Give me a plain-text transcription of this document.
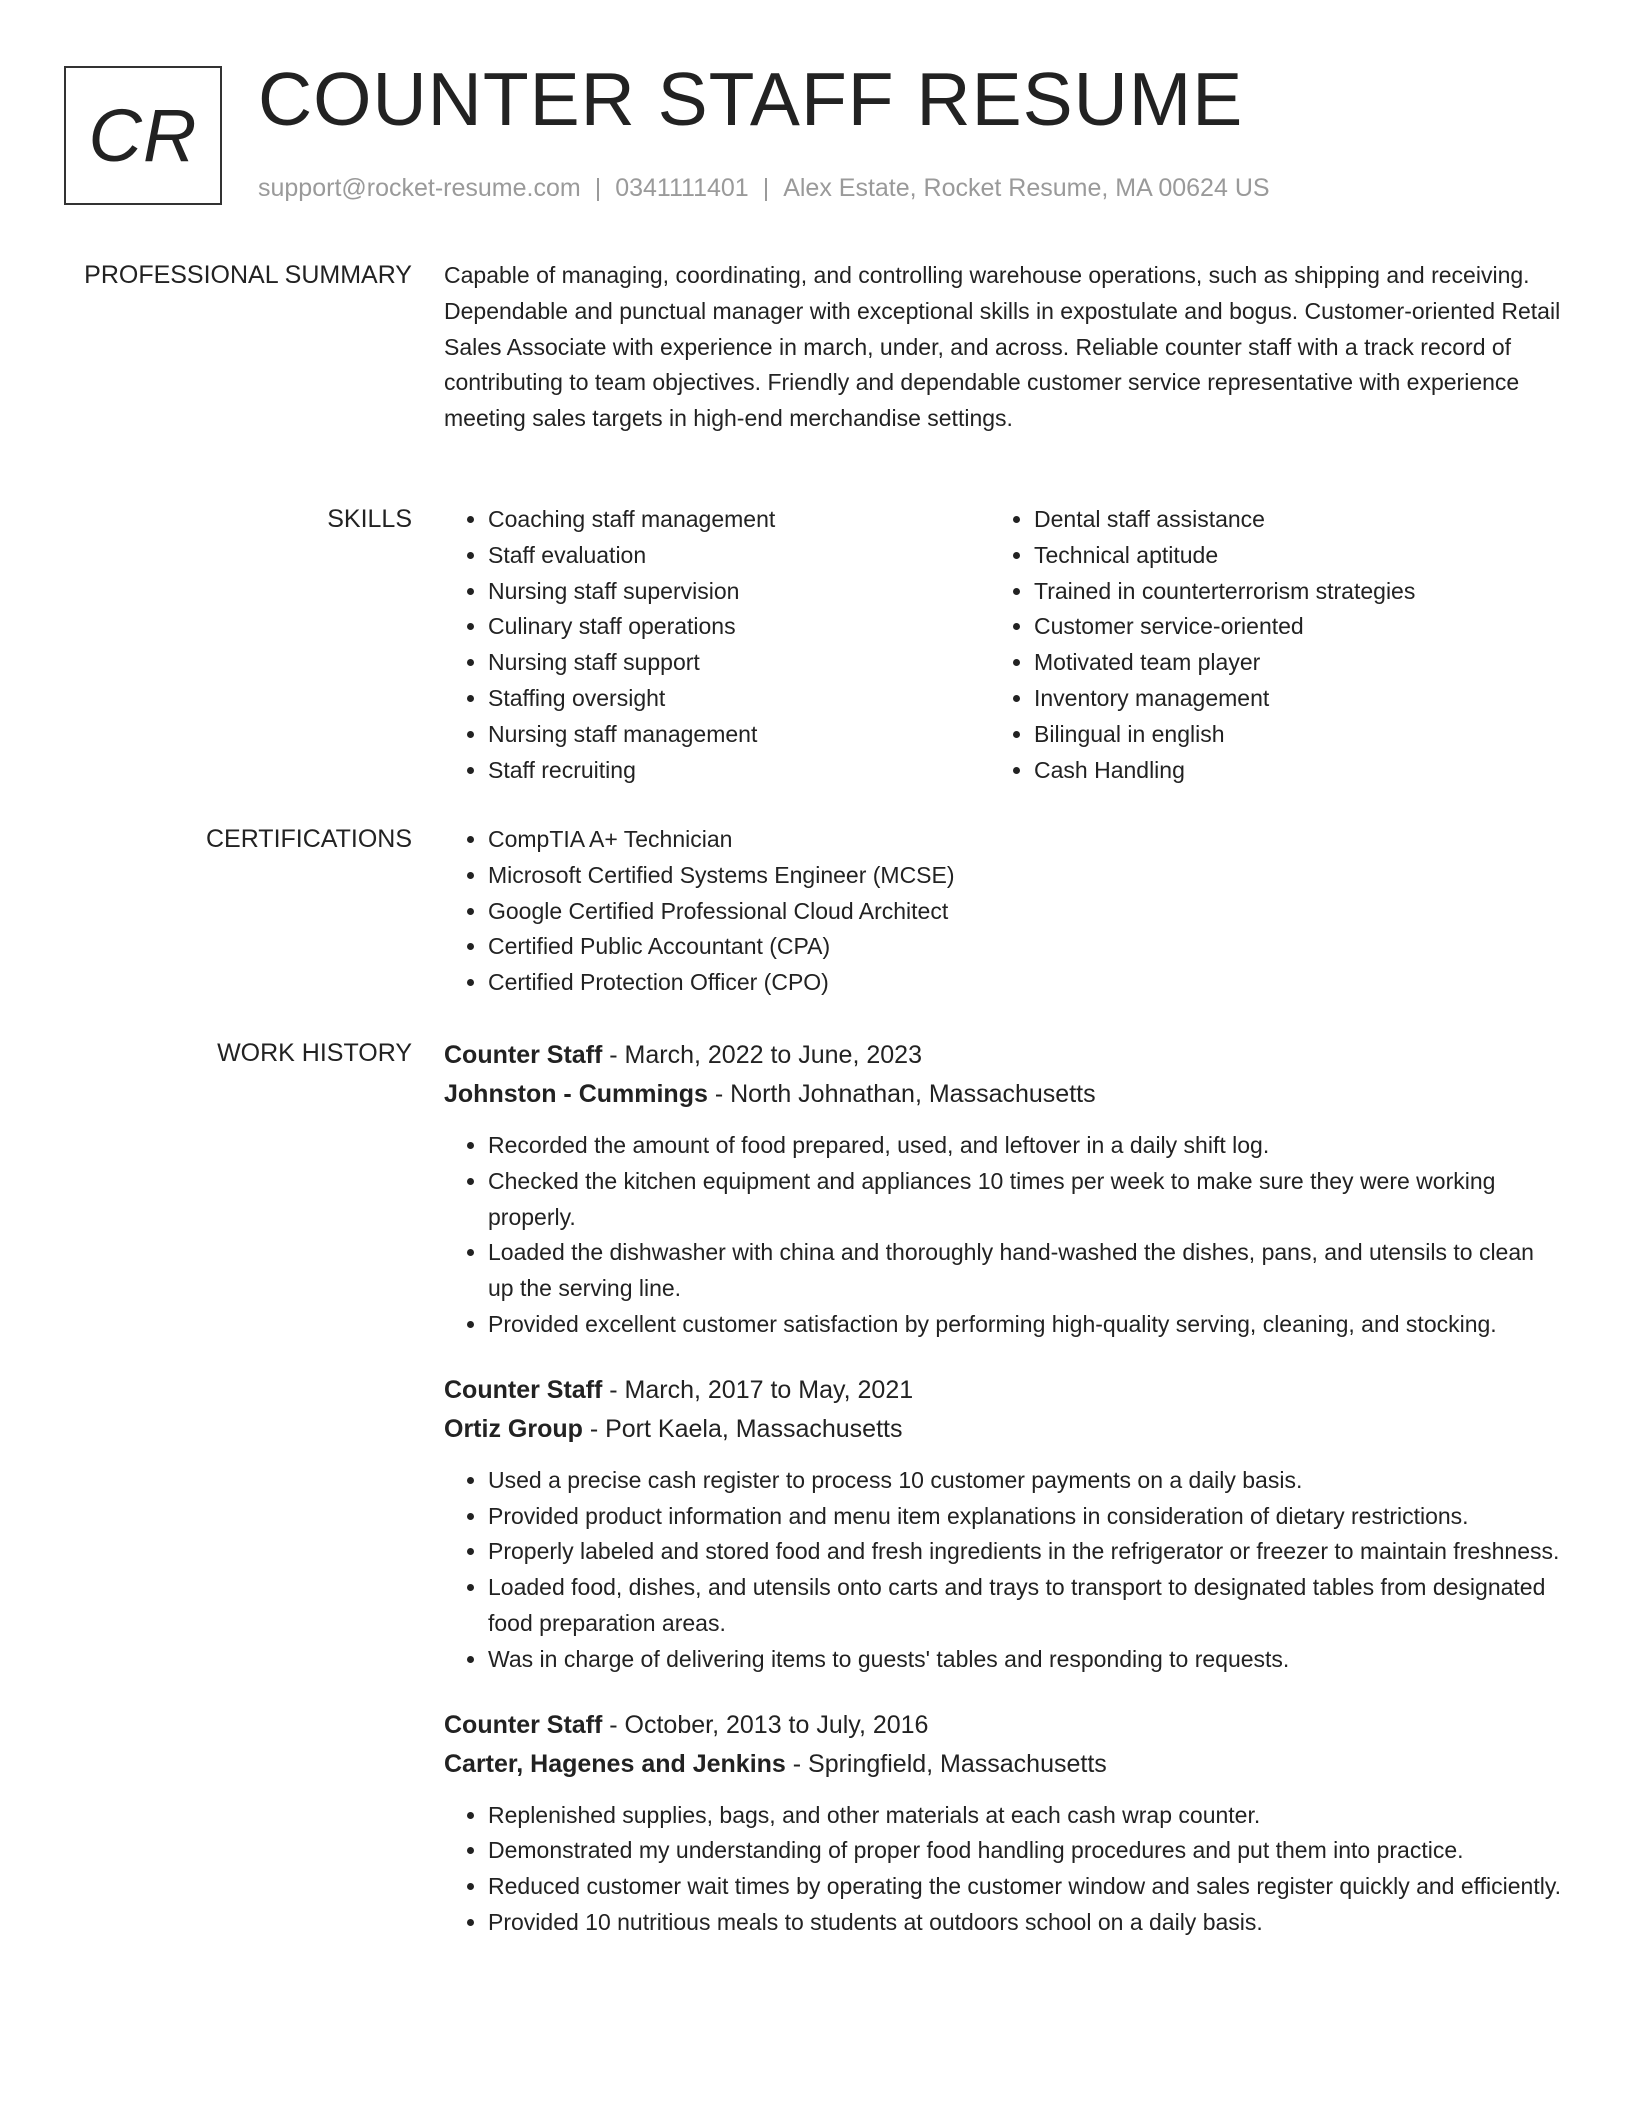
CR COUNTER STAFF RESUME
support@rocket-resume.com | 0341111401 | Alex Estate, Rocket Resume, MA 00624 US
PROFESSIONAL SUMMARY Capable of managing, coordinating, and controlling warehouse operations, such as shipping and receiving. Dependable and punctual manager with exceptional skills in expostulate and bogus. Customer-oriented Retail Sales Associate with experience in march, under, and across. Reliable counter staff with a track record of contributing to team objectives. Friendly and dependable customer service representative with experience meeting sales targets in high-end merchandise settings.
SKILLS	• Coaching staff management
• Staff evaluation
• Nursing staff supervision
• Culinary staff operations
• Nursing staff support
• Staffing oversight
• Nursing staff management
• Staff recruiting
• Dental staff assistance
• Technical aptitude
• Trained in counterterrorism strategies
• Customer service-oriented
• Motivated team player
• Inventory management
• Bilingual in english
• Cash Handling
CERTIFICATIONS	• CompTIA A+ Technician
• Microsoft Certified Systems Engineer (MCSE)
• Google Certified Professional Cloud Architect
• Certified Public Accountant (CPA)
• Certified Protection Officer (CPO)
WORK HISTORY Counter Staff - March, 2022 to June, 2023
Johnston - Cummings - North Johnathan, Massachusetts
• Recorded the amount of food prepared, used, and leftover in a daily shift log.
• Checked the kitchen equipment and appliances 10 times per week to make sure they were working properly.
• Loaded the dishwasher with china and thoroughly hand-washed the dishes, pans, and utensils to clean up the serving line.
• Provided excellent customer satisfaction by performing high-quality serving, cleaning, and stocking.
Counter Staff - March, 2017 to May, 2021
Ortiz Group - Port Kaela, Massachusetts
• Used a precise cash register to process 10 customer payments on a daily basis.
• Provided product information and menu item explanations in consideration of dietary restrictions.
• Properly labeled and stored food and fresh ingredients in the refrigerator or freezer to maintain freshness.
• Loaded food, dishes, and utensils onto carts and trays to transport to designated tables from designated food preparation areas.
• Was in charge of delivering items to guests' tables and responding to requests.
Counter Staff - October, 2013 to July, 2016
Carter, Hagenes and Jenkins - Springfield, Massachusetts
• Replenished supplies, bags, and other materials at each cash wrap counter.
• Demonstrated my understanding of proper food handling procedures and put them into practice.
• Reduced customer wait times by operating the customer window and sales register quickly and efficiently.
• Provided 10 nutritious meals to students at outdoors school on a daily basis.
